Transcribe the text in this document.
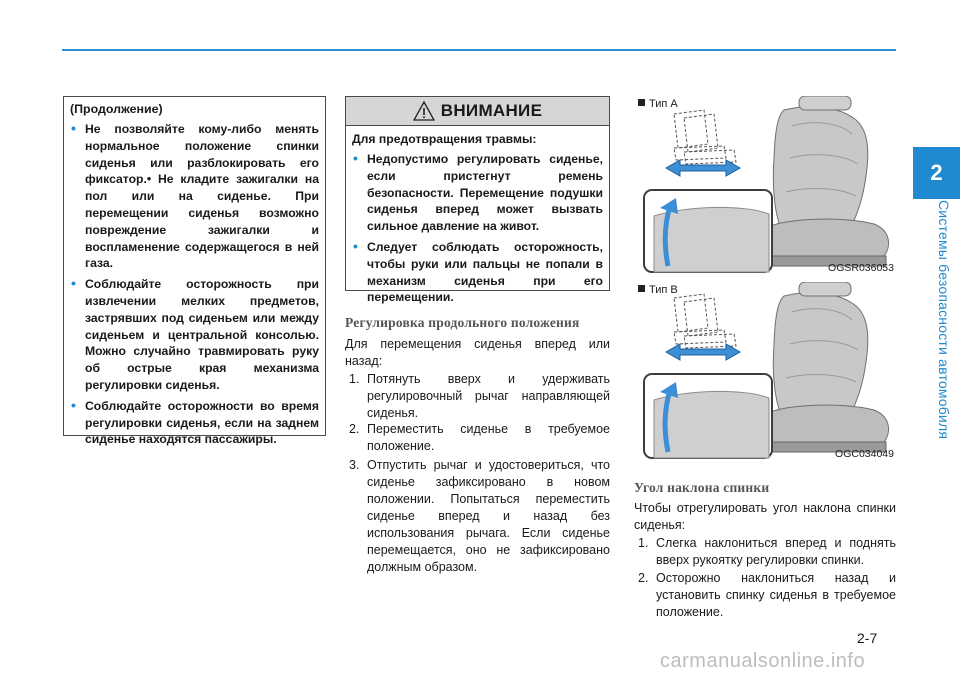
2
Системы безопасности автомобиля
(Продолжение)
• Не позволяйте кому-либо менять нормальное положение спинки сиденья или разблокировать его фиксатор.• Не кладите зажигалки на пол или на сиденье. При перемещении сиденья возможно повреждение зажигалки и воспламенение содержащегося в ней газа.
• Соблюдайте осторожность при извлечении мелких предметов, застрявших под сиденьем или между сиденьем и центральной консолью. Можно случайно травмировать руку об острые края механизма регулировки сиденья.
• Соблюдайте осторожности во время регулировки сиденья, если на заднем сиденье находятся пассажиры.
ВНИМАНИЕ
Для предотвращения травмы:
• Недопустимо регулировать сиденье, если пристегнут ремень безопасности. Перемещение подушки сиденья вперед может вызвать сильное давление на живот.
• Следует соблюдать осторожность, чтобы руки или пальцы не попали в механизм сиденья при его перемещении.
Регулировка продольного положения
Для перемещения сиденья вперед или назад:
1. Потянуть вверх и удерживать регулировочный рычаг направляющей сиденья.
2. Переместить сиденье в требуемое положение.
3. Отпустить рычаг и удостовериться, что сиденье зафиксировано в новом положении. Попытаться переместить сиденье вперед и назад без использования рычага. Если сиденье перемещается, оно не зафиксировано должным образом.
Угол наклона спинки
Чтобы отрегулировать угол наклона спинки сиденья:
1. Слегка наклониться вперед и поднять вверх рукоятку регулировки спинки.
2. Осторожно наклониться назад и установить спинку сиденья в требуемое положение.
Тип A
OGSR036053
Тип B
OGC034049
2-7
carmanualsonline.info
